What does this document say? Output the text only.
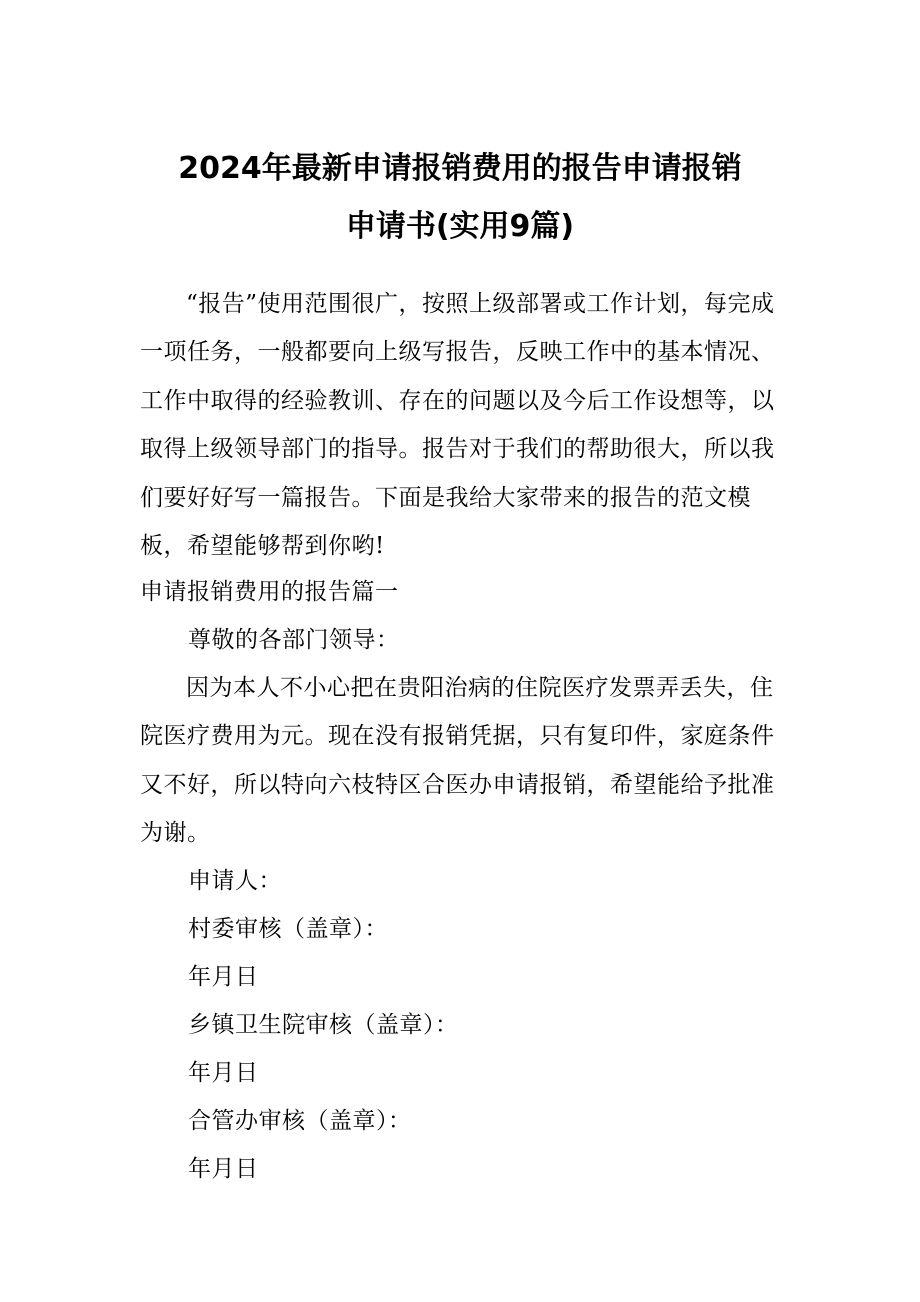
2024年最新申请报销费用的报告申请报销
申请书(实用9篇)

“报告”使用范围很广，按照上级部署或工作计划，每完成一项任务，一般都要向上级写报告，反映工作中的基本情况、工作中取得的经验教训、存在的问题以及今后工作设想等，以取得上级领导部门的指导。报告对于我们的帮助很大，所以我们要好好写一篇报告。下面是我给大家带来的报告的范文模板，希望能够帮到你哟!

申请报销费用的报告篇一

尊敬的各部门领导：

因为本人不小心把在贵阳治病的住院医疗发票弄丢失，住院医疗费用为元。现在没有报销凭据，只有复印件，家庭条件又不好，所以特向六枝特区合医办申请报销，希望能给予批准为谢。

申请人：

村委审核（盖章）：

年月日

乡镇卫生院审核（盖章）：

年月日

合管办审核（盖章）：

年月日
